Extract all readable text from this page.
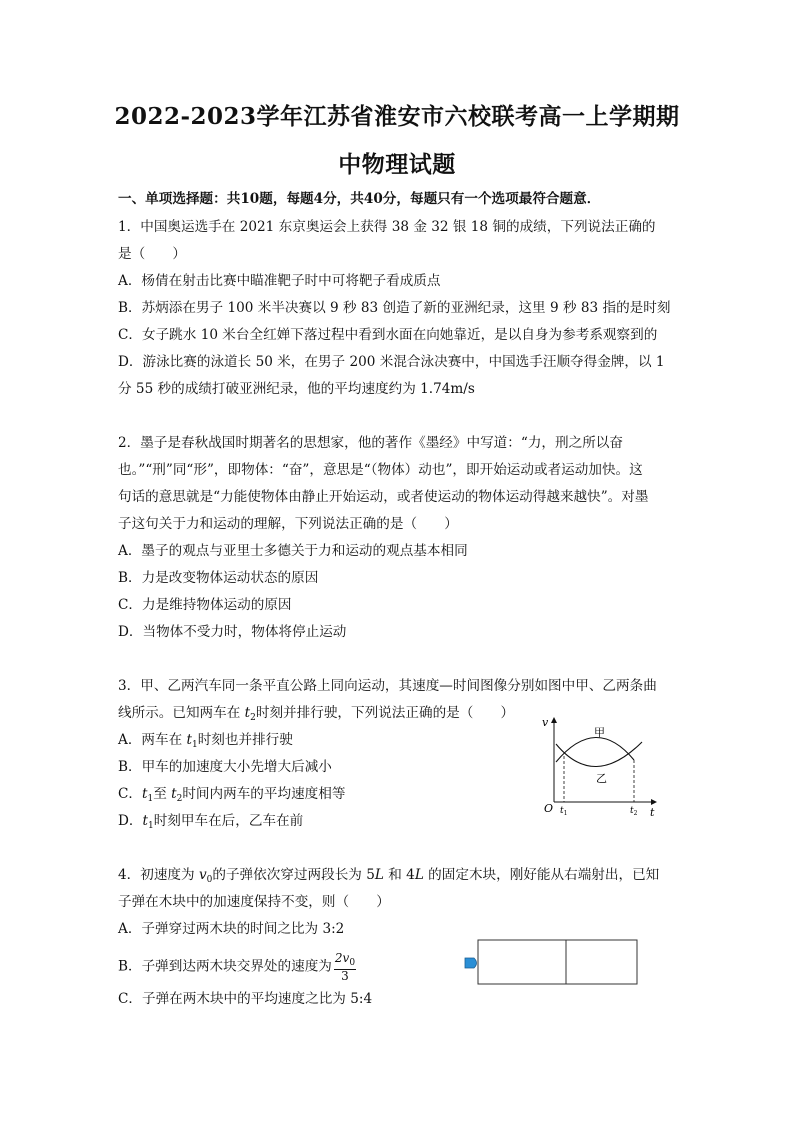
2022-2023学年江苏省淮安市六校联考高一上学期期
中物理试题
一、单项选择题：共10题，每题4分，共40分，每题只有一个选项最符合题意．
1．中国奥运选手在 2021 东京奥运会上获得 38 金 32 银 18 铜的成绩，下列说法正确的
是（　　）
A．杨倩在射击比赛中瞄准靶子时中可将靶子看成质点
B．苏炳添在男子 100 米半决赛以 9 秒 83 创造了新的亚洲纪录，这里 9 秒 83 指的是时刻
C．女子跳水 10 米台全红婵下落过程中看到水面在向她靠近，是以自身为参考系观察到的
D．游泳比赛的泳道长 50 米，在男子 200 米混合泳决赛中，中国选手汪顺夺得金牌，以 1
分 55 秒的成绩打破亚洲纪录，他的平均速度约为 1.74m/s
2．墨子是春秋战国时期著名的思想家，他的著作《墨经》中写道：“力，刑之所以奋
也。”“刑”同“形”，即物体：“奋”，意思是“（物体）动也”，即开始运动或者运动加快。这
句话的意思就是“力能使物体由静止开始运动，或者使运动的物体运动得越来越快”。对墨
子这句关于力和运动的理解，下列说法正确的是（　　）
A．墨子的观点与亚里士多德关于力和运动的观点基本相同
B．力是改变物体运动状态的原因
C．力是维持物体运动的原因
D．当物体不受力时，物体将停止运动
3．甲、乙两汽车同一条平直公路上同向运动，其速度—时间图像分别如图中甲、乙两条曲
线所示。已知两车在 $t_2$时刻并排行驶，下列说法正确的是（　　）
A．两车在 $t_1$时刻也并排行驶
B．甲车的加速度大小先增大后减小
C．$t_1$至 $t_2$时间内两车的平均速度相等
D．$t_1$时刻甲车在后，乙车在前
v
t
O
甲
乙
$t_1$	$t_2$
4．初速度为 $v_0$的子弹依次穿过两段长为 5L 和 4L 的固定木块，刚好能从右端射出，已知
子弹在木块中的加速度保持不变，则（　　）
A．子弹穿过两木块的时间之比为 3:2
B．子弹到达两木块交界处的速度为 $\frac{2v_0}{3}$
C．子弹在两木块中的平均速度之比为 5:4
